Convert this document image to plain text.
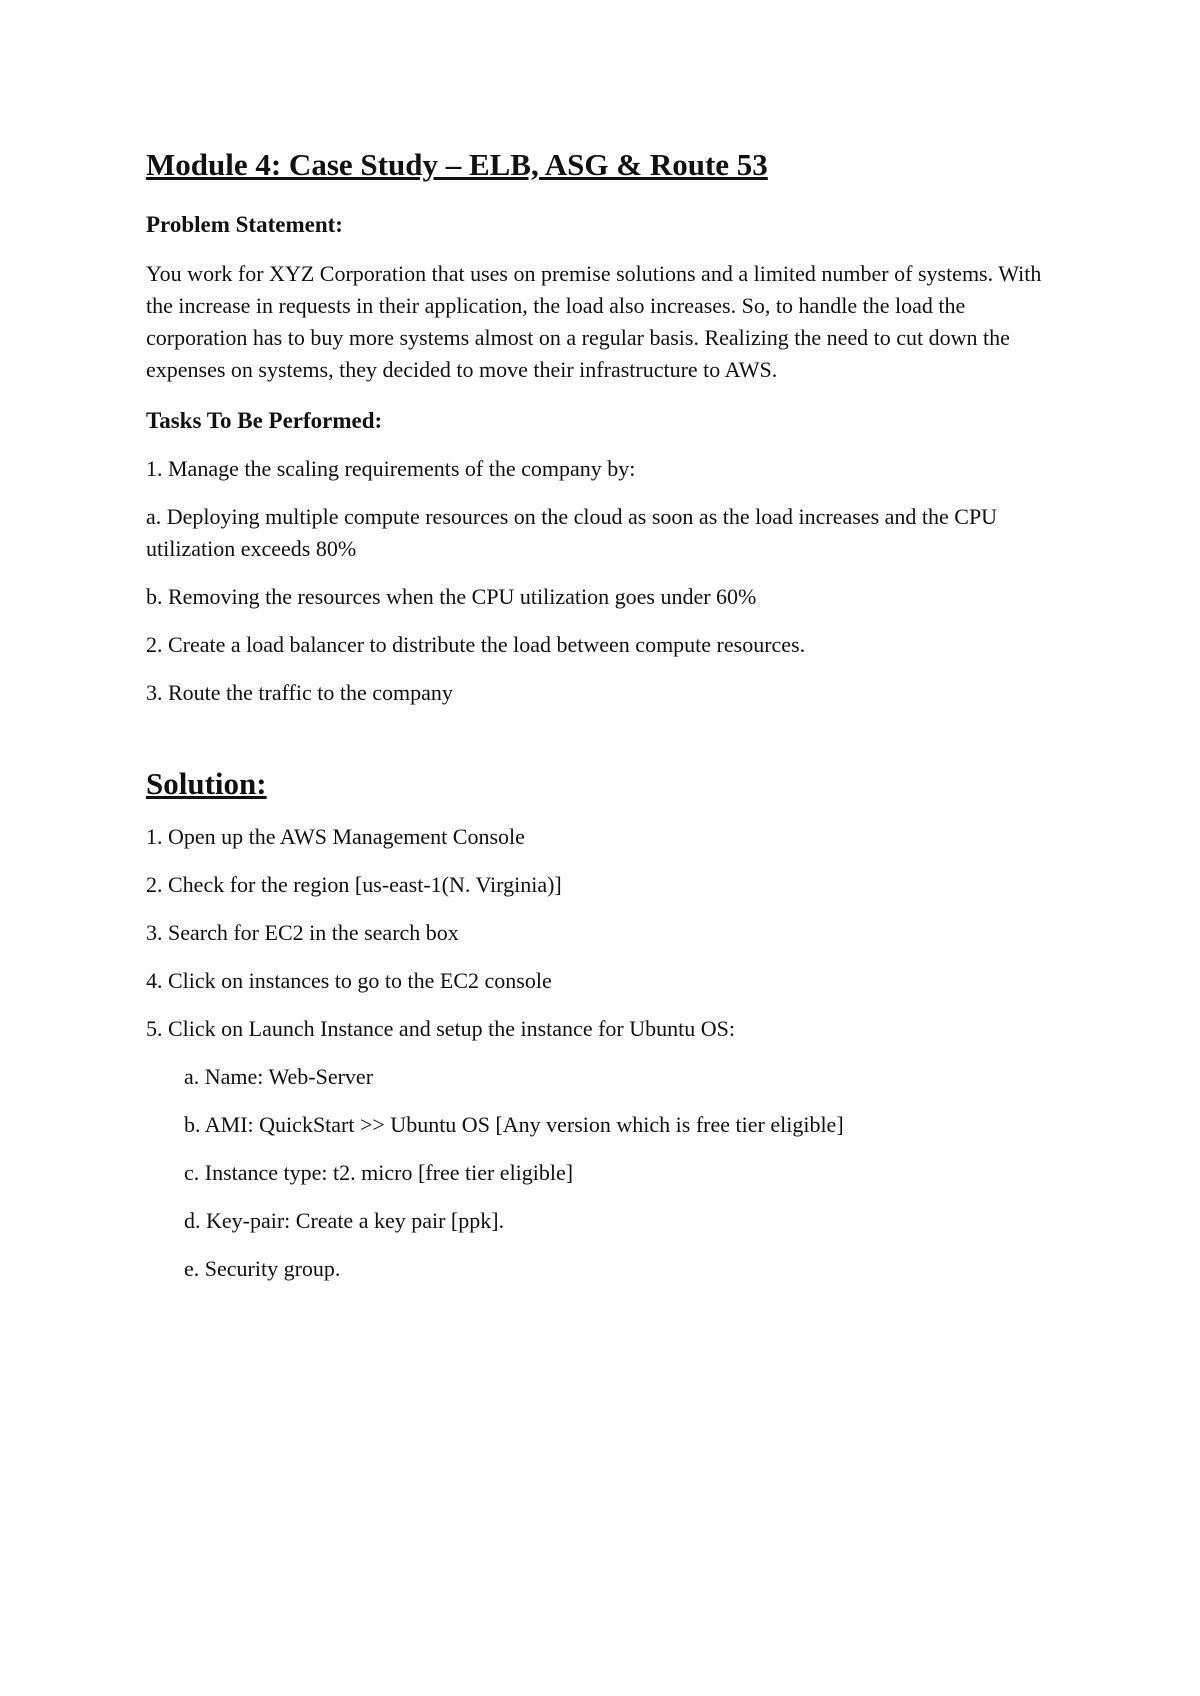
Module 4: Case Study – ELB, ASG & Route 53
Problem Statement:
You work for XYZ Corporation that uses on premise solutions and a limited number of systems. With the increase in requests in their application, the load also increases. So, to handle the load the corporation has to buy more systems almost on a regular basis. Realizing the need to cut down the expenses on systems, they decided to move their infrastructure to AWS.
Tasks To Be Performed:
1. Manage the scaling requirements of the company by:
a. Deploying multiple compute resources on the cloud as soon as the load increases and the CPU utilization exceeds 80%
b. Removing the resources when the CPU utilization goes under 60%
2. Create a load balancer to distribute the load between compute resources.
3. Route the traffic to the company
Solution:
1. Open up the AWS Management Console
2. Check for the region [us-east-1(N. Virginia)]
3. Search for EC2 in the search box
4. Click on instances to go to the EC2 console
5. Click on Launch Instance and setup the instance for Ubuntu OS:
a. Name: Web-Server
b. AMI: QuickStart >> Ubuntu OS [Any version which is free tier eligible]
c. Instance type: t2. micro [free tier eligible]
d. Key-pair: Create a key pair [ppk].
e. Security group.
